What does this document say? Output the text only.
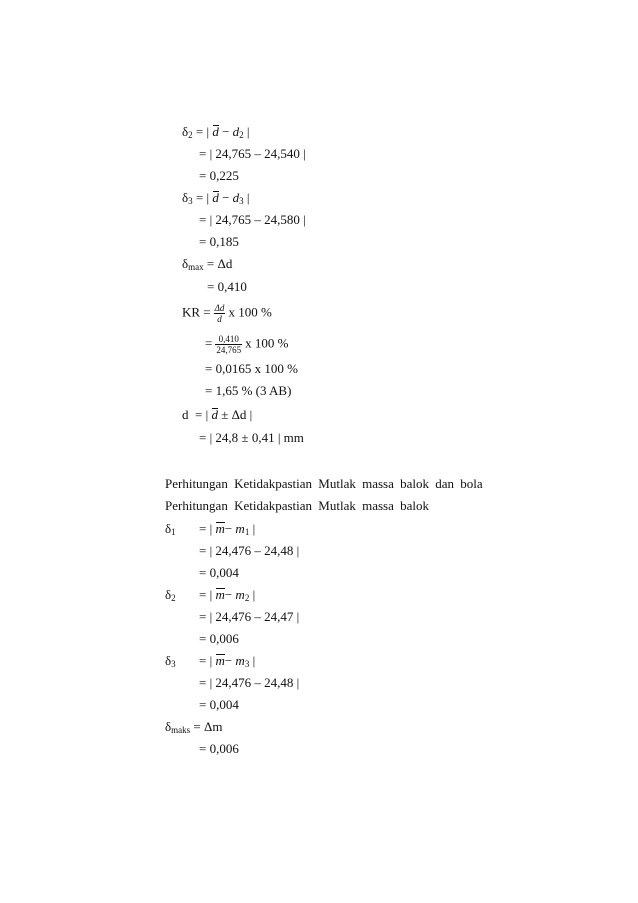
δ2 = | d − d2 |
= | 24,765 – 24,540 |
= 0,225
δ3 = | d − d3 |
= | 24,765 – 24,580 |
= 0,185
δmax = Δd
= 0,410
KR = $\frac{\Delta d}{d}$ x 100 %
= $\frac{0,410}{24,765}$ x 100 %
= 0,0165 x 100 %
= 1,65 % (3 AB)
d = | d ± Δd |
= | 24,8 ± 0,41 | mm
Perhitungan Ketidakpastian Mutlak massa balok dan bola
Perhitungan Ketidakpastian Mutlak massa balok
δ1 = | m− m1 |
= | 24,476 – 24,48 |
= 0,004
δ2 = | m− m2 |
= | 24,476 – 24,47 |
= 0,006
δ3 = | m− m3 |
= | 24,476 – 24,48 |
= 0,004
δmaks = Δm
= 0,006
